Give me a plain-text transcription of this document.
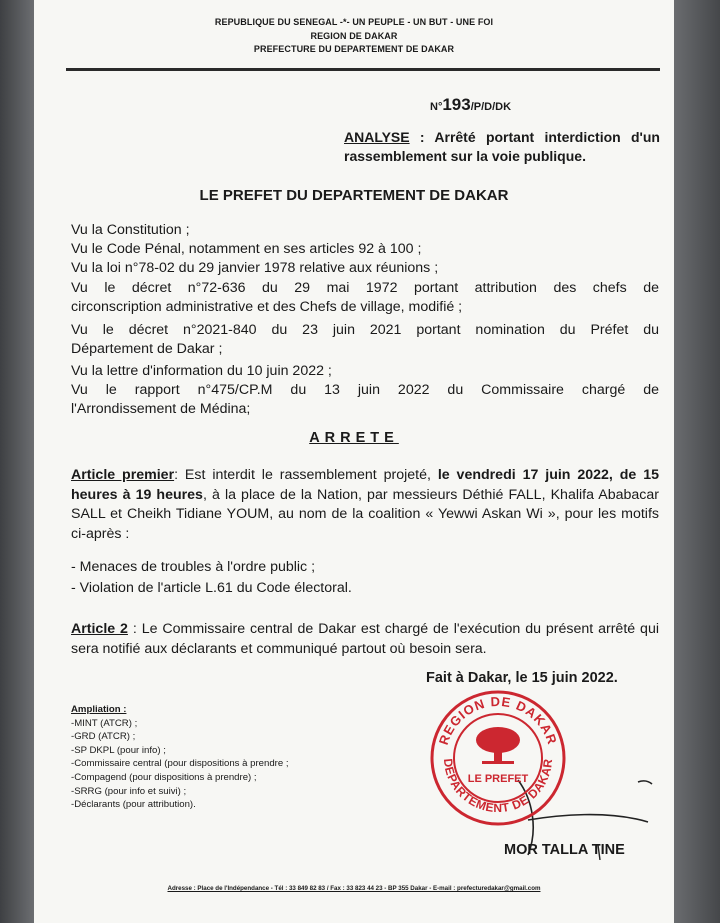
REPUBLIQUE DU SENEGAL -*- UN PEUPLE - UN BUT - UNE FOI
REGION DE DAKAR
PREFECTURE DU DEPARTEMENT DE DAKAR
N°193/P/D/DK
ANALYSE : Arrêté portant interdiction d'un rassemblement sur la voie publique.
LE PREFET DU DEPARTEMENT DE DAKAR
Vu la Constitution ;
Vu le Code Pénal, notamment en ses articles 92 à 100 ;
Vu la loi n°78-02 du 29 janvier 1978 relative aux réunions ;
Vu le décret n°72-636 du 29 mai 1972 portant attribution des chefs de
circonscription administrative et des Chefs de village, modifié ;
Vu le décret n°2021-840 du 23 juin 2021 portant nomination du Préfet du
Département de Dakar ;
Vu la lettre d'information du 10 juin 2022 ;
Vu le rapport n°475/CP.M du 13 juin 2022 du Commissaire chargé de
l'Arrondissement de Médina;
ARRETE
Article premier: Est interdit le rassemblement projeté, le vendredi 17 juin 2022, de 15 heures à 19 heures, à la place de la Nation, par messieurs Déthié FALL, Khalifa Ababacar SALL et Cheikh Tidiane YOUM, au nom de la coalition « Yewwi Askan Wi », pour les motifs ci-après :
- Menaces de troubles à l'ordre public ;
- Violation de l'article L.61 du Code électoral.
Article 2 : Le Commissaire central de Dakar est chargé de l'exécution du présent arrêté qui sera notifié aux déclarants et communiqué partout où besoin sera.
Fait à Dakar, le 15 juin 2022.
Ampliation :
-MINT (ATCR) ;
-GRD (ATCR) ;
-SP DKPL (pour info) ;
-Commissaire central (pour dispositions à prendre ;
-Compagend (pour dispositions à prendre) ;
-SRRG (pour info et suivi) ;
-Déclarants (pour attribution).
REGION DE DAKAR
DEPARTEMENT DE DAKAR
LE PREFET
MOR TALLA TINE
Adresse : Place de l'Indépendance - Tél : 33 849 82 83 / Fax : 33 823 44 23 - BP 355 Dakar - E-mail : prefecturedakar@gmail.com
